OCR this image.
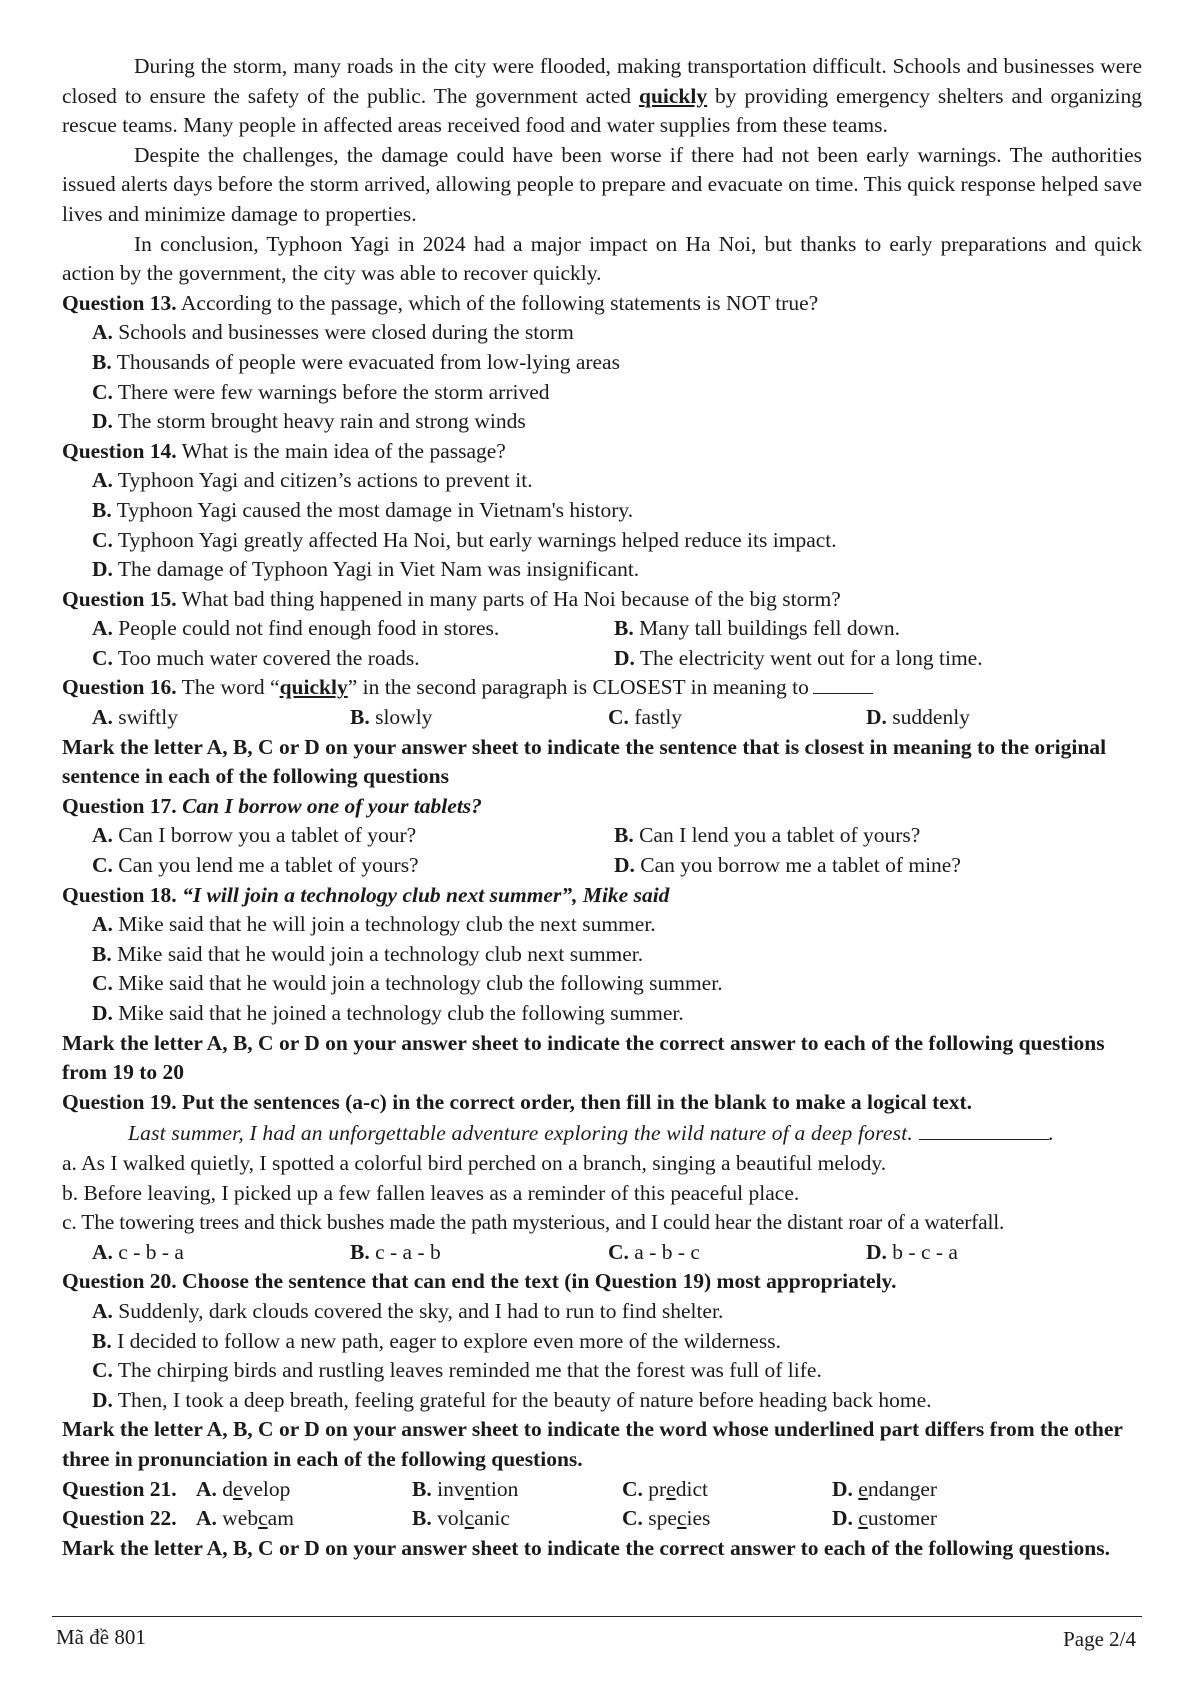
During the storm, many roads in the city were flooded, making transportation difficult. Schools and businesses were closed to ensure the safety of the public. The government acted quickly by providing emergency shelters and organizing rescue teams. Many people in affected areas received food and water supplies from these teams.

Despite the challenges, the damage could have been worse if there had not been early warnings. The authorities issued alerts days before the storm arrived, allowing people to prepare and evacuate on time. This quick response helped save lives and minimize damage to properties.

In conclusion, Typhoon Yagi in 2024 had a major impact on Ha Noi, but thanks to early preparations and quick action by the government, the city was able to recover quickly.

Question 13. According to the passage, which of the following statements is NOT true?

A. Schools and businesses were closed during the storm

B. Thousands of people were evacuated from low-lying areas

C. There were few warnings before the storm arrived

D. The storm brought heavy rain and strong winds

Question 14. What is the main idea of the passage?

A. Typhoon Yagi and citizen’s actions to prevent it.

B. Typhoon Yagi caused the most damage in Vietnam's history.

C. Typhoon Yagi greatly affected Ha Noi, but early warnings helped reduce its impact.

D. The damage of Typhoon Yagi in Viet Nam was insignificant.

Question 15. What bad thing happened in many parts of Ha Noi because of the big storm?

A. People could not find enough food in stores.	B. Many tall buildings fell down.
C. Too much water covered the roads.	D. The electricity went out for a long time.

Question 16. The word “quickly” in the second paragraph is CLOSEST in meaning to

A. swiftly	B. slowly	C. fastly	D. suddenly

Mark the letter A, B, C or D on your answer sheet to indicate the sentence that is closest in meaning to the original sentence in each of the following questions

Question 17. Can I borrow one of your tablets?

A. Can I borrow you a tablet of your?	B. Can I lend you a tablet of yours?
C. Can you lend me a tablet of yours?	D. Can you borrow me a tablet of mine?

Question 18. “I will join a technology club next summer”, Mike said

A. Mike said that he will join a technology club the next summer.

B. Mike said that he would join a technology club next summer.

C. Mike said that he would join a technology club the following summer.

D. Mike said that he joined a technology club the following summer.

Mark the letter A, B, C or D on your answer sheet to indicate the correct answer to each of the following questions from 19 to 20

Question 19. Put the sentences (a-c) in the correct order, then fill in the blank to make a logical text.

Last summer, I had an unforgettable adventure exploring the wild nature of a deep forest.	.

a. As I walked quietly, I spotted a colorful bird perched on a branch, singing a beautiful melody.

b. Before leaving, I picked up a few fallen leaves as a reminder of this peaceful place.

c. The towering trees and thick bushes made the path mysterious, and I could hear the distant roar of a waterfall.

A. c - b - a	B. c - a - b	C. a - b - c	D. b - c - a

Question 20. Choose the sentence that can end the text (in Question 19) most appropriately.

A. Suddenly, dark clouds covered the sky, and I had to run to find shelter.

B. I decided to follow a new path, eager to explore even more of the wilderness.

C. The chirping birds and rustling leaves reminded me that the forest was full of life.

D. Then, I took a deep breath, feeling grateful for the beauty of nature before heading back home.

Mark the letter A, B, C or D on your answer sheet to indicate the word whose underlined part differs from the other three in pronunciation in each of the following questions.

Question 21. A. develop	B. invention	C. predict	D. endanger
Question 22. A. webcam	B. volcanic	C. species	D. customer

Mark the letter A, B, C or D on your answer sheet to indicate the correct answer to each of the following questions.

Mã đề 801	Page 2/4
